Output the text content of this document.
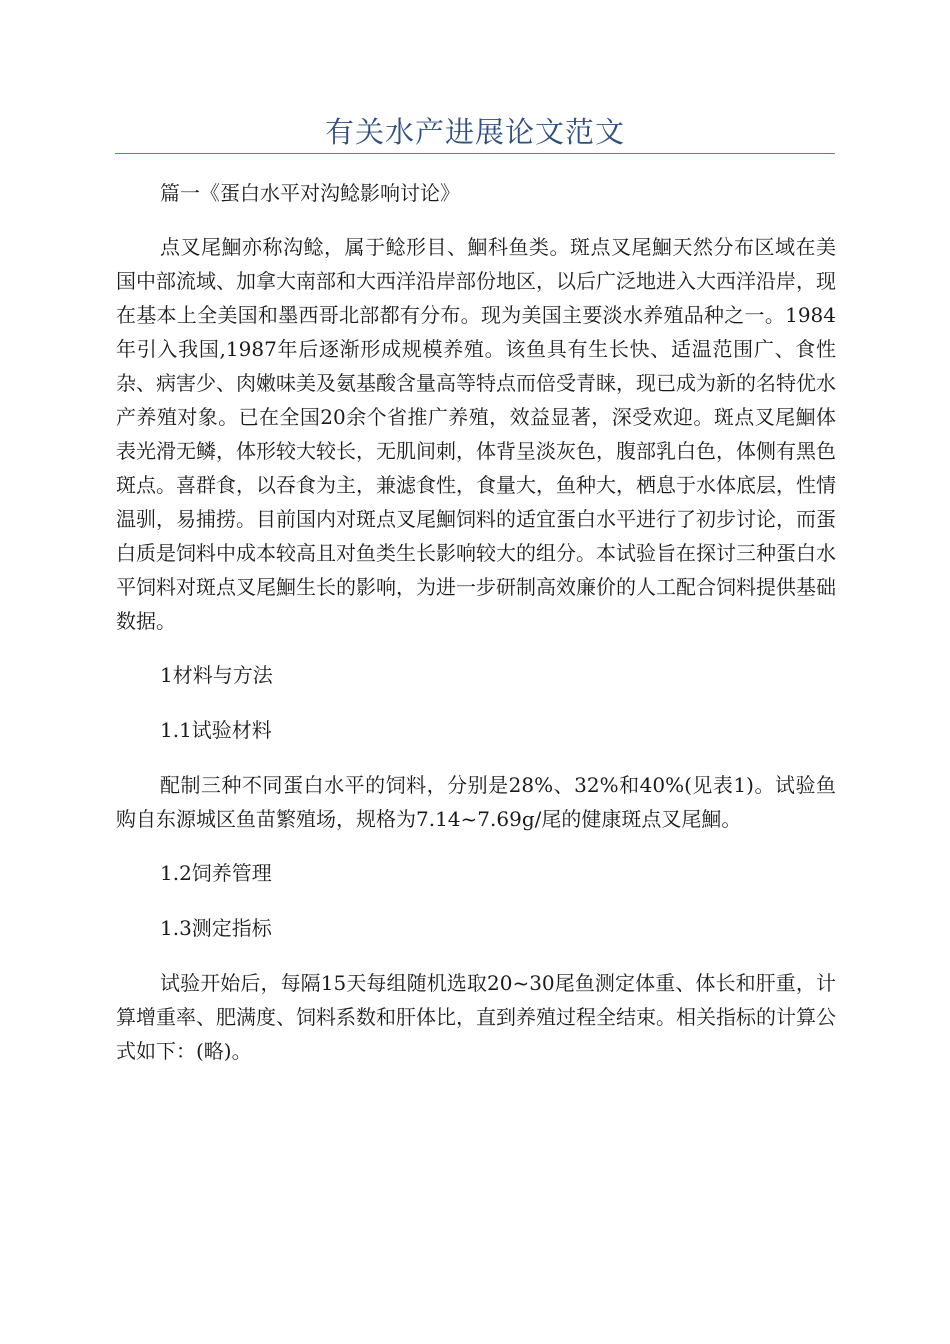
有关水产进展论文范文

篇一《蛋白水平对沟鲶影响讨论》

点叉尾鮰亦称沟鲶，属于鲶形目、鮰科鱼类。斑点叉尾鮰天然分布区域在美国中部流域、加拿大南部和大西洋沿岸部份地区，以后广泛地进入大西洋沿岸，现在基本上全美国和墨西哥北部都有分布。现为美国主要淡水养殖品种之一。1984年引入我国,1987年后逐渐形成规模养殖。该鱼具有生长快、适温范围广、食性杂、病害少、肉嫩味美及氨基酸含量高等特点而倍受青睐，现已成为新的名特优水产养殖对象。已在全国20余个省推广养殖，效益显著，深受欢迎。斑点叉尾鮰体表光滑无鳞，体形较大较长，无肌间刺，体背呈淡灰色，腹部乳白色，体侧有黑色斑点。喜群食，以吞食为主，兼滤食性，食量大，鱼种大，栖息于水体底层，性情温驯，易捕捞。目前国内对斑点叉尾鮰饲料的适宜蛋白水平进行了初步讨论，而蛋白质是饲料中成本较高且对鱼类生长影响较大的组分。本试验旨在探讨三种蛋白水平饲料对斑点叉尾鮰生长的影响，为进一步研制高效廉价的人工配合饲料提供基础数据。

1材料与方法

1.1试验材料

配制三种不同蛋白水平的饲料，分别是28%、32%和40%(见表1)。试验鱼购自东源城区鱼苗繁殖场，规格为7.14~7.69g/尾的健康斑点叉尾鮰。

1.2饲养管理

1.3测定指标

试验开始后，每隔15天每组随机选取20~30尾鱼测定体重、体长和肝重，计算增重率、肥满度、饲料系数和肝体比，直到养殖过程全结束。相关指标的计算公式如下：(略)。
